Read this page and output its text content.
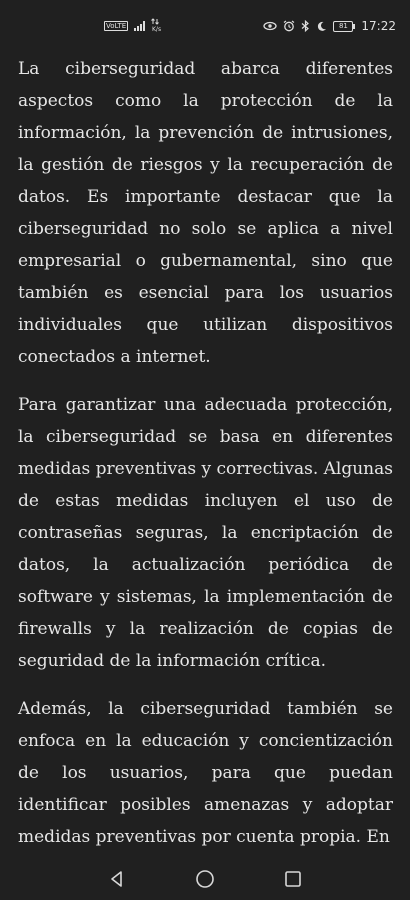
VoLTE	K/s	81	17:22

La ciberseguridad abarca diferentes aspectos como la protección de la información, la prevención de intrusiones, la gestión de riesgos y la recuperación de datos. Es importante destacar que la ciberseguridad no solo se aplica a nivel empresarial o gubernamental, sino que también es esencial para los usuarios individuales que utilizan dispositivos conectados a internet.

Para garantizar una adecuada protección, la ciberseguridad se basa en diferentes medidas preventivas y correctivas. Algunas de estas medidas incluyen el uso de contraseñas seguras, la encriptación de datos, la actualización periódica de software y sistemas, la implementación de firewalls y la realización de copias de seguridad de la información crítica.

Además, la ciberseguridad también se enfoca en la educación y concientización de los usuarios, para que puedan identificar posibles amenazas y adoptar medidas preventivas por cuenta propia. En
